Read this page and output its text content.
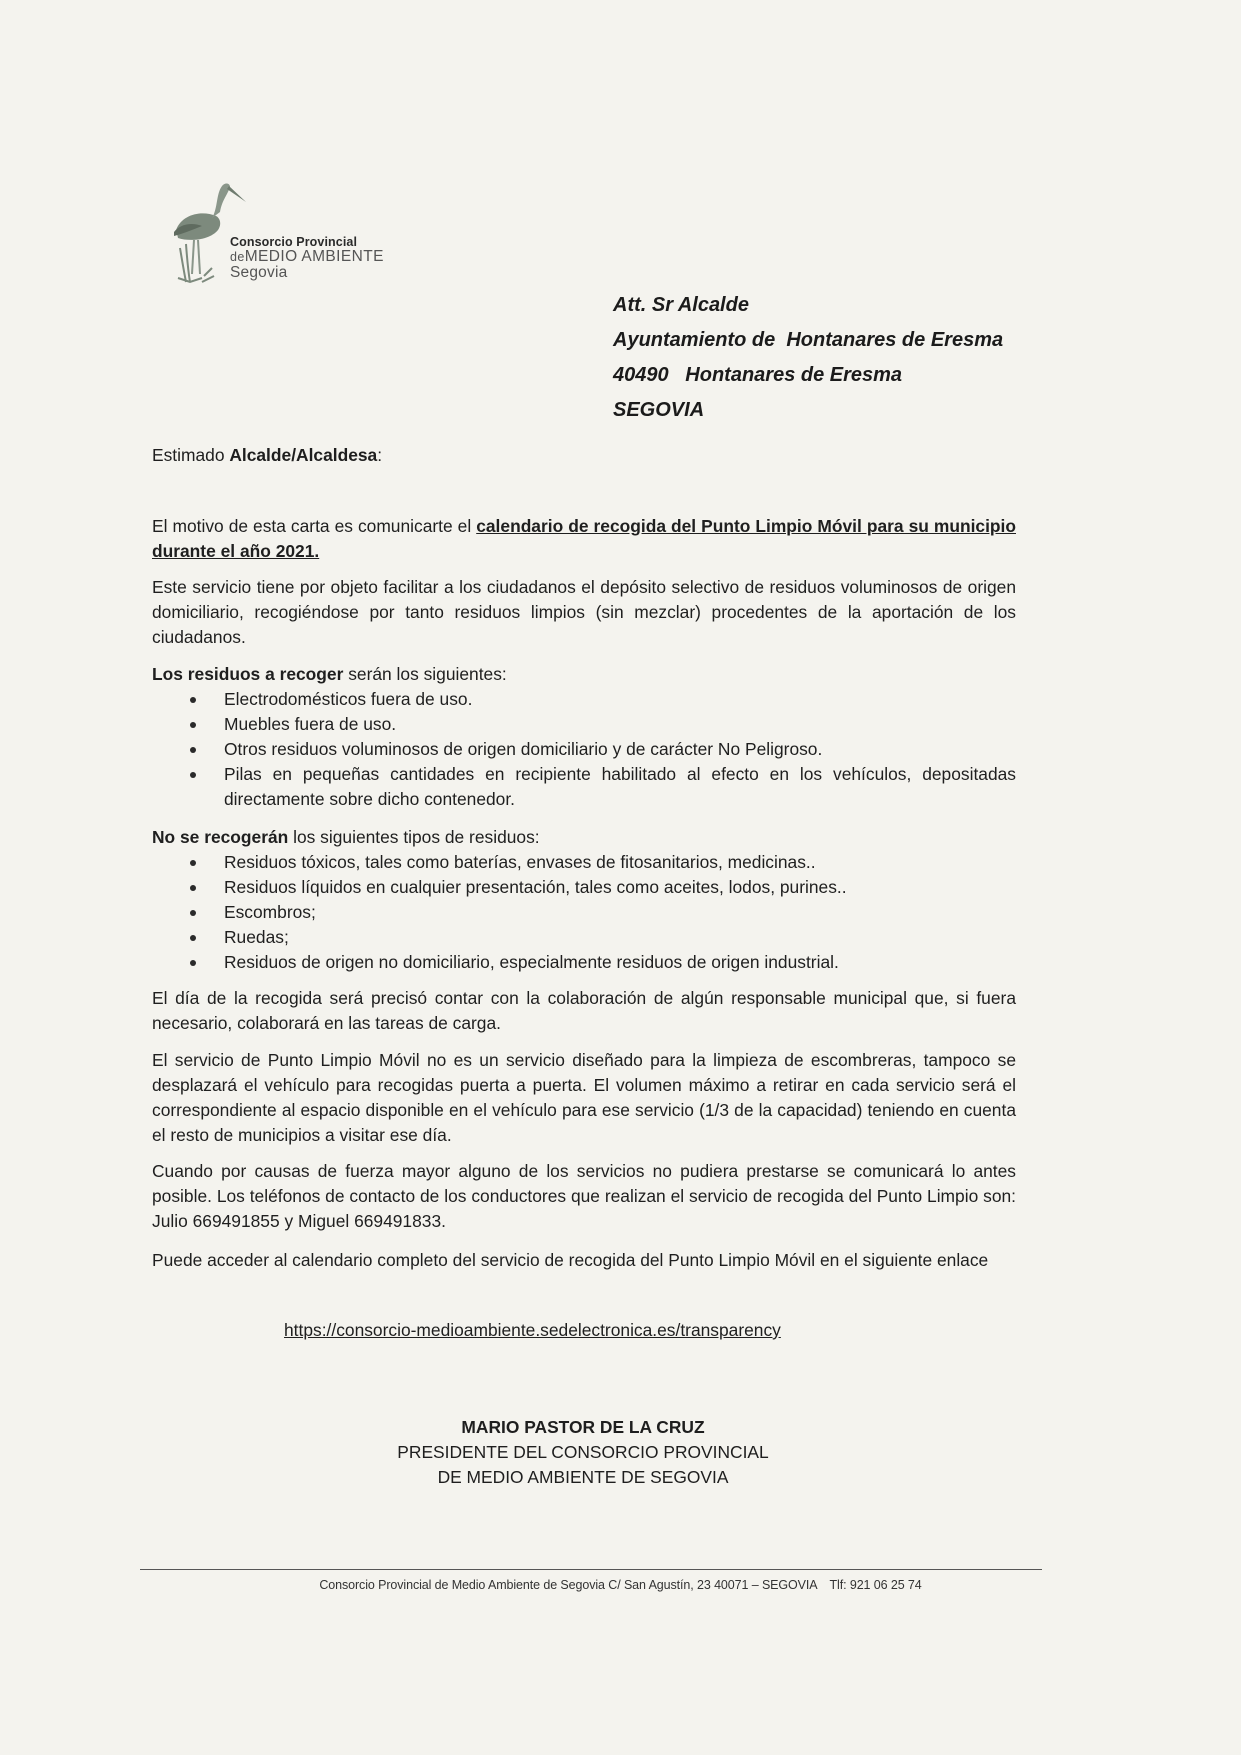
Consorcio Provincial
deMEDIO AMBIENTE
Segovia
Att. Sr Alcalde
Ayuntamiento de  Hontanares de Eresma
40490   Hontanares de Eresma
SEGOVIA
Estimado Alcalde/Alcaldesa:
El motivo de esta carta es comunicarte el calendario de recogida del Punto Limpio Móvil para su municipio durante el año 2021.
Este servicio tiene por objeto facilitar a los ciudadanos el depósito selectivo de residuos voluminosos de origen domiciliario, recogiéndose por tanto residuos limpios (sin mezclar) procedentes de la aportación de los ciudadanos.
Los residuos a recoger serán los siguientes:
Electrodomésticos fuera de uso.
Muebles fuera de uso.
Otros residuos voluminosos de origen domiciliario y de carácter No Peligroso.
Pilas en pequeñas cantidades en recipiente habilitado al efecto en los vehículos, depositadas directamente sobre dicho contenedor.
No se recogerán los siguientes tipos de residuos:
Residuos tóxicos, tales como baterías, envases de fitosanitarios, medicinas..
Residuos líquidos en cualquier presentación, tales como aceites, lodos, purines..
Escombros;
Ruedas;
Residuos de origen no domiciliario, especialmente residuos de origen industrial.
El día de la recogida será precisó contar con la colaboración de algún responsable municipal que, si fuera necesario, colaborará en las tareas de carga.
El servicio de Punto Limpio Móvil no es un servicio diseñado para la limpieza de escombreras, tampoco se desplazará el vehículo para recogidas puerta a puerta. El volumen máximo a retirar en cada servicio será el correspondiente al espacio disponible en el vehículo para ese servicio (1/3 de la capacidad) teniendo en cuenta el resto de municipios a visitar ese día.
Cuando por causas de fuerza mayor alguno de los servicios no pudiera prestarse se comunicará lo antes posible. Los teléfonos de contacto de los conductores que realizan el servicio de recogida del Punto Limpio son: Julio 669491855 y Miguel 669491833.
Puede acceder al calendario completo del servicio de recogida del Punto Limpio Móvil en el siguiente enlace
https://consorcio-medioambiente.sedelectronica.es/transparency
MARIO PASTOR DE LA CRUZ
PRESIDENTE DEL CONSORCIO PROVINCIAL
DE MEDIO AMBIENTE DE SEGOVIA
Consorcio Provincial de Medio Ambiente de Segovia C/ San Agustín, 23 40071 – SEGOVIA Tlf: 921 06 25 74
